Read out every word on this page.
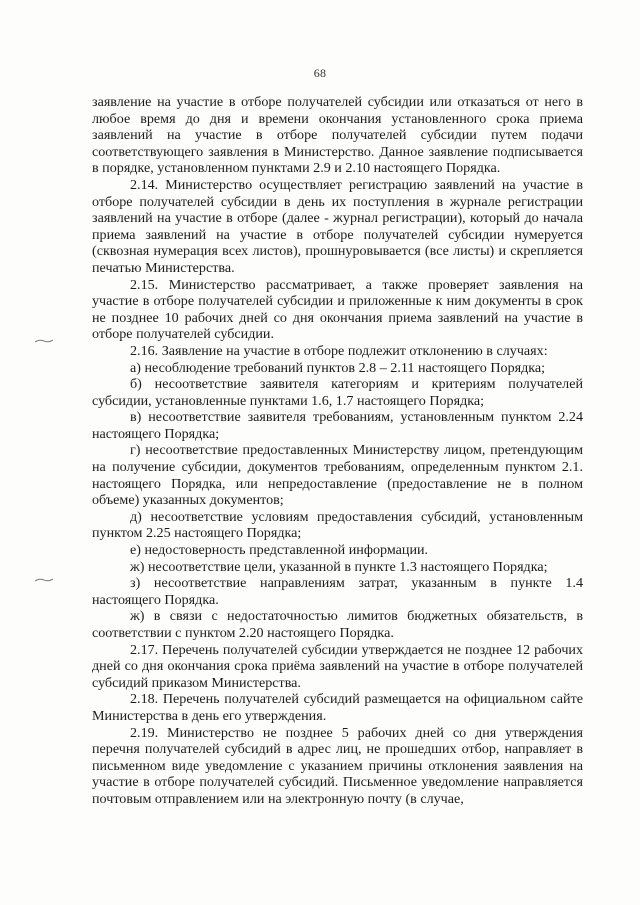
68

заявление на участие в отборе получателей субсидии или отказаться от него в любое время до дня и времени окончания установленного срока приема заявлений на участие в отборе получателей субсидии путем подачи соответствующего заявления в Министерство. Данное заявление подписывается в порядке, установленном пунктами 2.9 и 2.10 настоящего Порядка.

2.14. Министерство осуществляет регистрацию заявлений на участие в отборе получателей субсидии в день их поступления в журнале регистрации заявлений на участие в отборе (далее - журнал регистрации), который до начала приема заявлений на участие в отборе получателей субсидии нумеруется (сквозная нумерация всех листов), прошнуровывается (все листы) и скрепляется печатью Министерства.

2.15. Министерство рассматривает, а также проверяет заявления на участие в отборе получателей субсидии и приложенные к ним документы в срок не позднее 10 рабочих дней со дня окончания приема заявлений на участие в отборе получателей субсидии.

2.16. Заявление на участие в отборе подлежит отклонению в случаях:

а) несоблюдение требований пунктов 2.8 – 2.11 настоящего Порядка;

б) несоответствие заявителя категориям и критериям получателей субсидии, установленные пунктами 1.6, 1.7 настоящего Порядка;

в) несоответствие заявителя требованиям, установленным пунктом 2.24 настоящего Порядка;

г) несоответствие предоставленных Министерству лицом, претендующим на получение субсидии, документов требованиям, определенным пунктом 2.1. настоящего Порядка, или непредоставление (предоставление не в полном объеме) указанных документов;

д) несоответствие условиям предоставления субсидий, установленным пунктом 2.25 настоящего Порядка;

е) недостоверность представленной информации.

ж) несоответствие цели, указанной в пункте 1.3 настоящего Порядка;

з) несоответствие направлениям затрат, указанным в пункте 1.4 настоящего Порядка.

ж) в связи с недостаточностью лимитов бюджетных обязательств, в соответствии с пунктом 2.20 настоящего Порядка.

2.17. Перечень получателей субсидии утверждается не позднее 12 рабочих дней со дня окончания срока приёма заявлений на участие в отборе получателей субсидий приказом Министерства.

2.18. Перечень получателей субсидий размещается на официальном сайте Министерства в день его утверждения.

2.19. Министерство не позднее 5 рабочих дней со дня утверждения перечня получателей субсидий в адрес лиц, не прошедших отбор, направляет в письменном виде уведомление с указанием причины отклонения заявления на участие в отборе получателей субсидий. Письменное уведомление направляется почтовым отправлением или на электронную почту (в случае,
